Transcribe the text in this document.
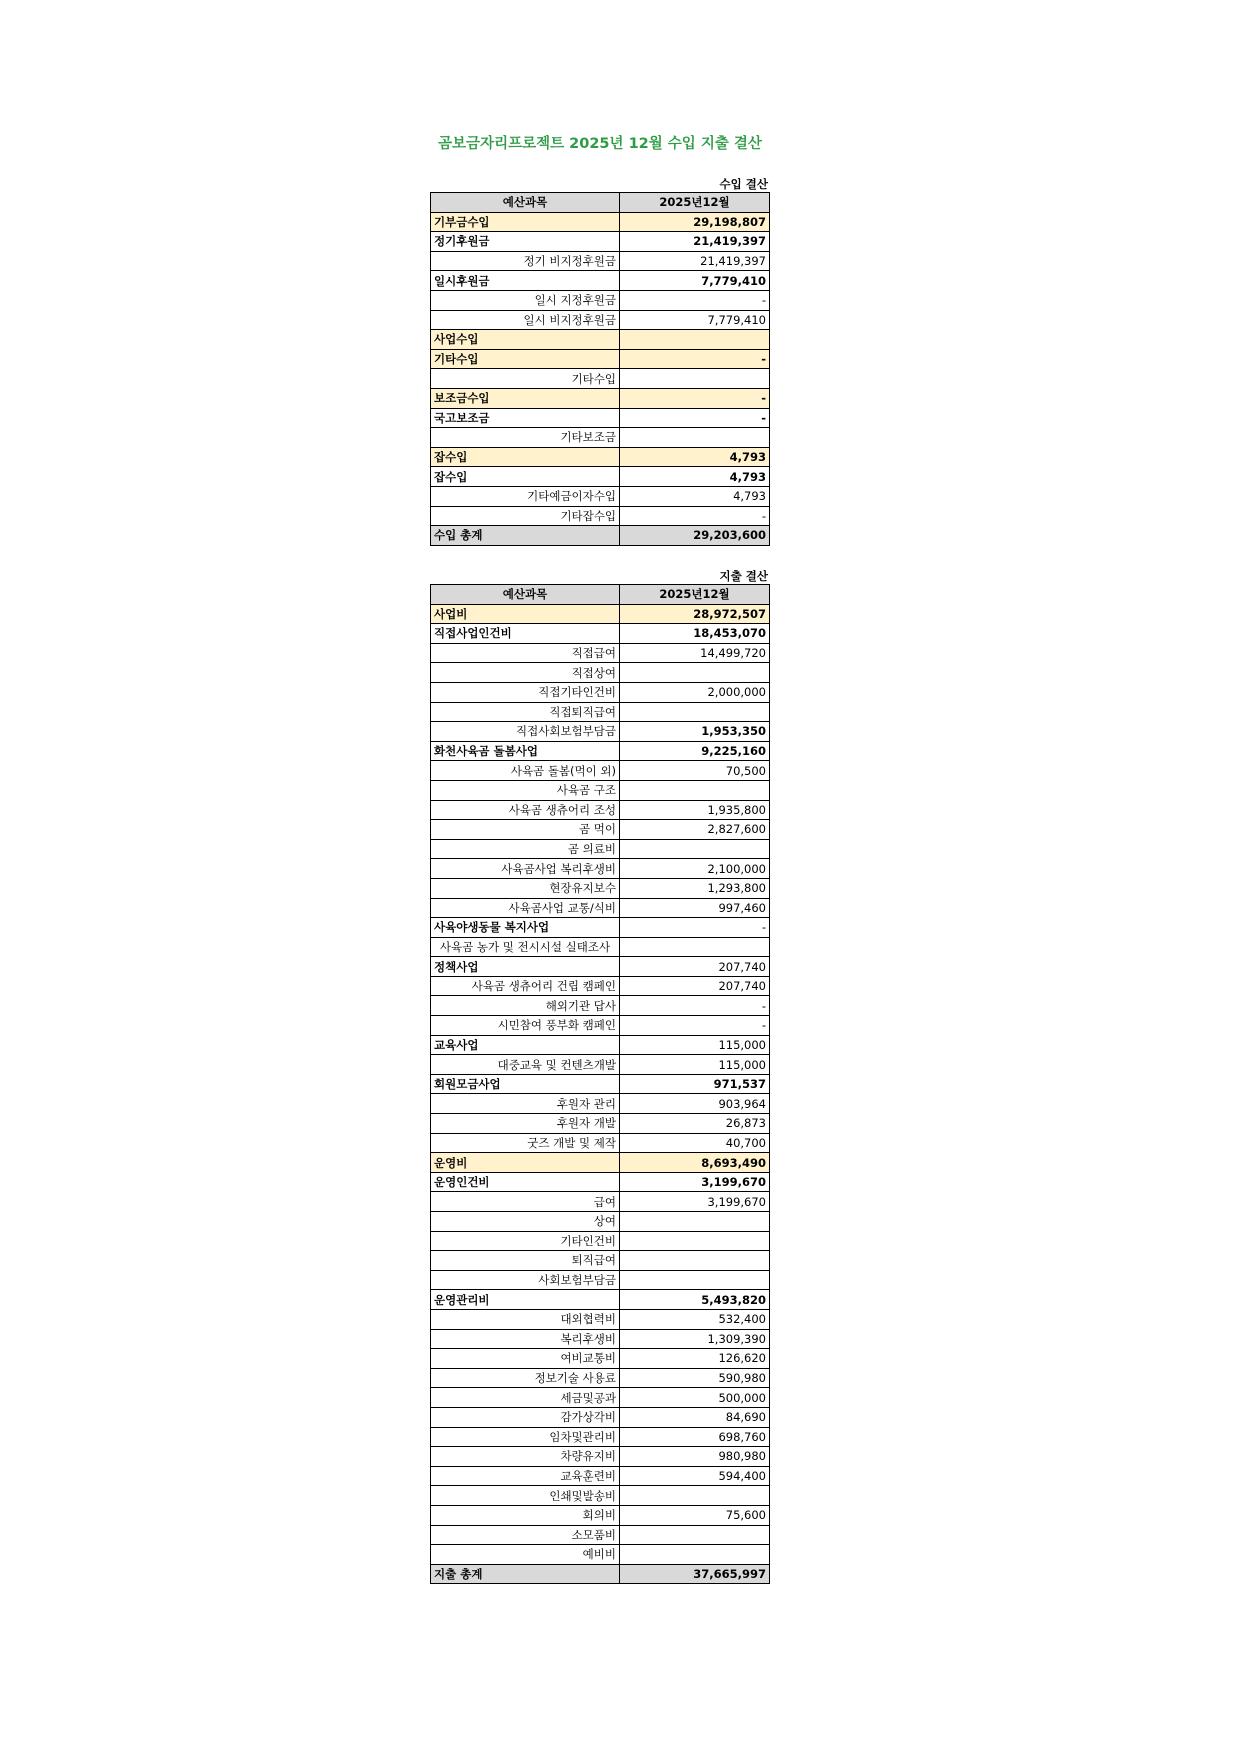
곰보금자리프로젝트 2025년 12월 수입 지출 결산
수입 결산
예산과목	2025년12월
기부금수입	29,198,807
정기후원금	21,419,397
정기 비지정후원금	21,419,397
일시후원금	7,779,410
일시 지정후원금	-
일시 비지정후원금	7,779,410
사업수입	
기타수입	-
기타수입	
보조금수입	-
국고보조금	-
기타보조금	
잡수입	4,793
잡수입	4,793
기타예금이자수입	4,793
기타잡수입	-
수입 총계	29,203,600
지출 결산
예산과목	2025년12월
사업비	28,972,507
직접사업인건비	18,453,070
직접급여	14,499,720
직접상여	
직접기타인건비	2,000,000
직접퇴직급여	
직접사회보험부담금	1,953,350
화천사육곰 돌봄사업	9,225,160
사육곰 돌봄(먹이 외)	70,500
사육곰 구조	
사육곰 생츄어리 조성	1,935,800
곰 먹이	2,827,600
곰 의료비	
사육곰사업 복리후생비	2,100,000
현장유지보수	1,293,800
사육곰사업 교통/식비	997,460
사육야생동물 복지사업	-
사육곰 농가 및 전시시설 실태조사	
정책사업	207,740
사육곰 생츄어리 건립 캠페인	207,740
해외기관 답사	-
시민참여 풍부화 캠페인	-
교육사업	115,000
대중교육 및 컨텐츠개발	115,000
회원모금사업	971,537
후원자 관리	903,964
후원자 개발	26,873
굿즈 개발 및 제작	40,700
운영비	8,693,490
운영인건비	3,199,670
급여	3,199,670
상여	
기타인건비	
퇴직급여	
사회보험부담금	
운영관리비	5,493,820
대외협력비	532,400
복리후생비	1,309,390
여비교통비	126,620
정보기술 사용료	590,980
세금및공과	500,000
감가상각비	84,690
임차및관리비	698,760
차량유지비	980,980
교육훈련비	594,400
인쇄및발송비	
회의비	75,600
소모품비	
예비비	
지출 총계	37,665,997
